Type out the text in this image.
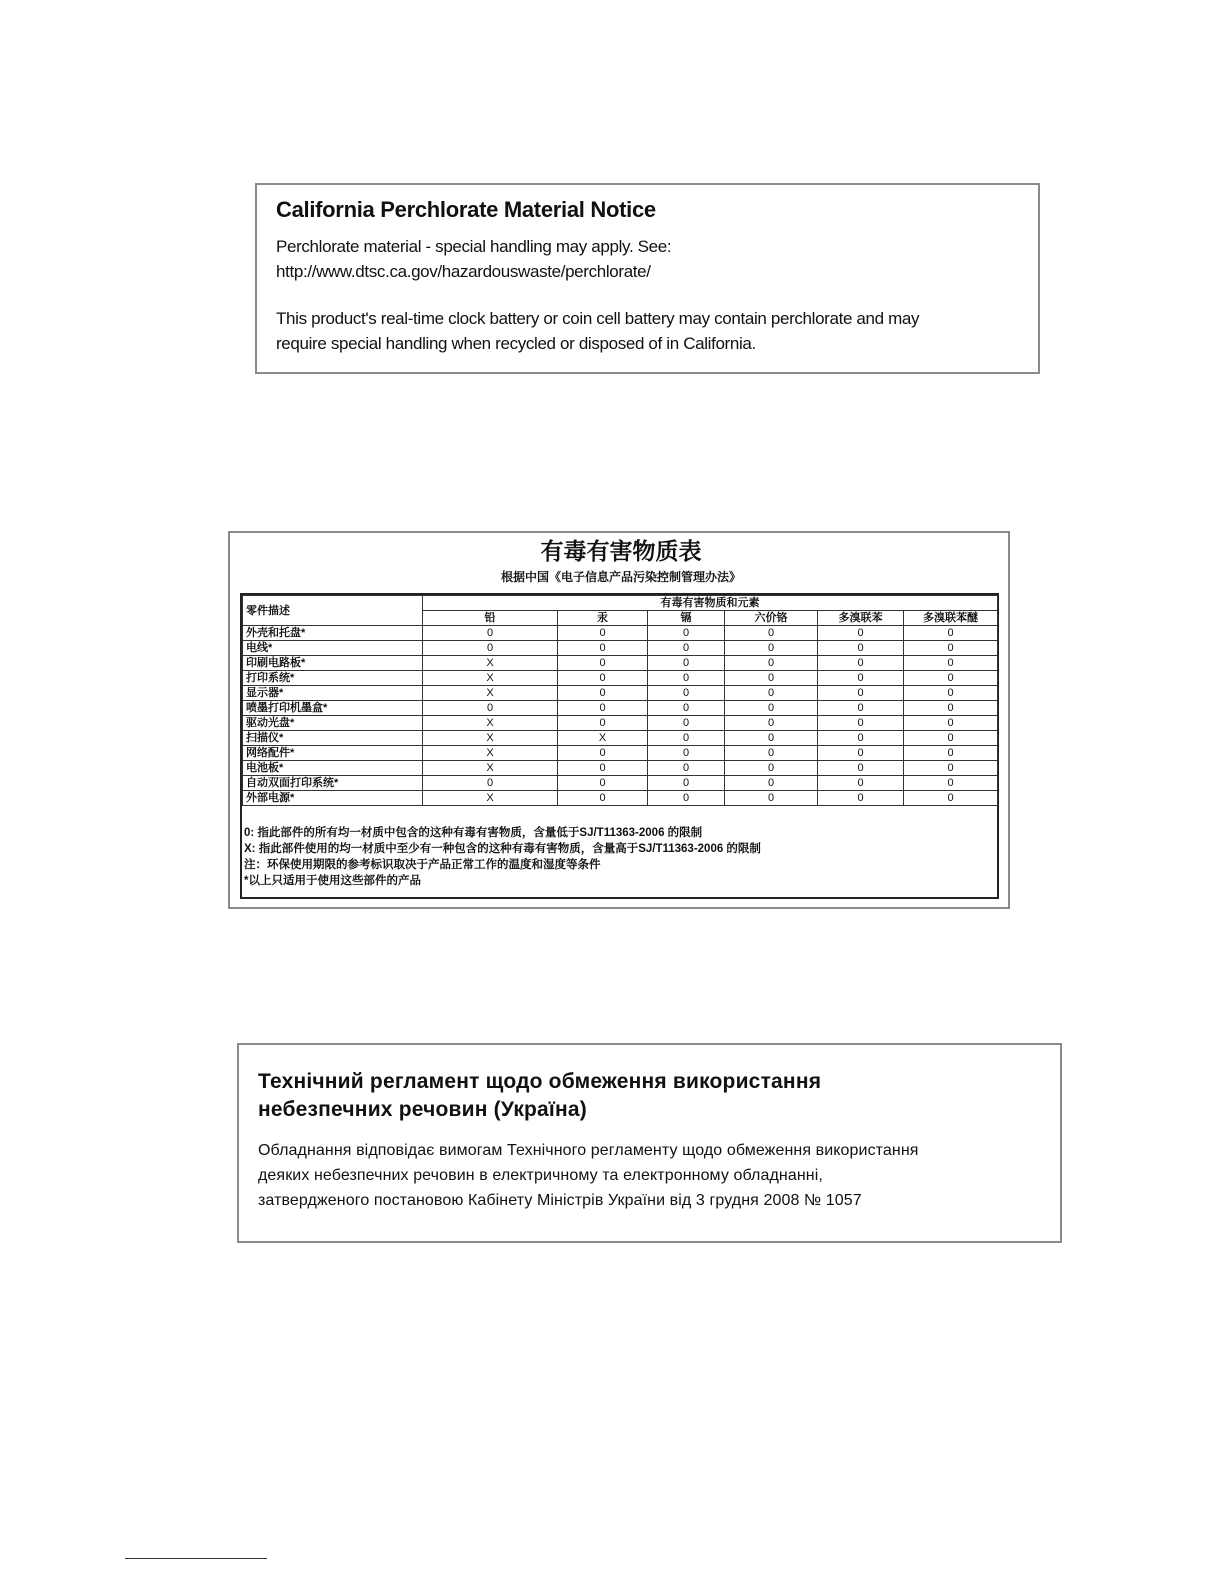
California Perchlorate Material Notice

Perchlorate material - special handling may apply. See:

http://www.dtsc.ca.gov/hazardouswaste/perchlorate/

This product's real-time clock battery or coin cell battery may contain perchlorate and may

require special handling when recycled or disposed of in California.

有毒有害物质表
根据中国《电子信息产品污染控制管理办法》
零件描述	有毒有害物质和元素					
	铅	汞	镉	六价铬	多溴联苯	多溴联苯醚
外壳和托盘*	0	0	0	0	0	0
电线*	0	0	0	0	0	0
印刷电路板*	X	0	0	0	0	0
打印系统*	X	0	0	0	0	0
显示器*	X	0	0	0	0	0
喷墨打印机墨盒*	0	0	0	0	0	0
驱动光盘*	X	0	0	0	0	0
扫描仪*	X	X	0	0	0	0
网络配件*	X	0	0	0	0	0
电池板*	X	0	0	0	0	0
自动双面打印系统*	0	0	0	0	0	0
外部电源*	X	0	0	0	0	0
0: 指此部件的所有均一材质中包含的这种有毒有害物质，含量低于SJ/T11363-2006 的限制
X: 指此部件使用的均一材质中至少有一种包含的这种有毒有害物质，含量高于SJ/T11363-2006 的限制
注：环保使用期限的参考标识取决于产品正常工作的温度和湿度等条件
*以上只适用于使用这些部件的产品
Технічний регламент щодо обмеження використання
небезпечних речовин (Україна)

Обладнання відповідає вимогам Технічного регламенту щодо обмеження використання
деяких небезпечних речовин в електричному та електронному обладнанні,
затвердженого постановою Кабінету Міністрів України від 3 грудня 2008 № 1057
